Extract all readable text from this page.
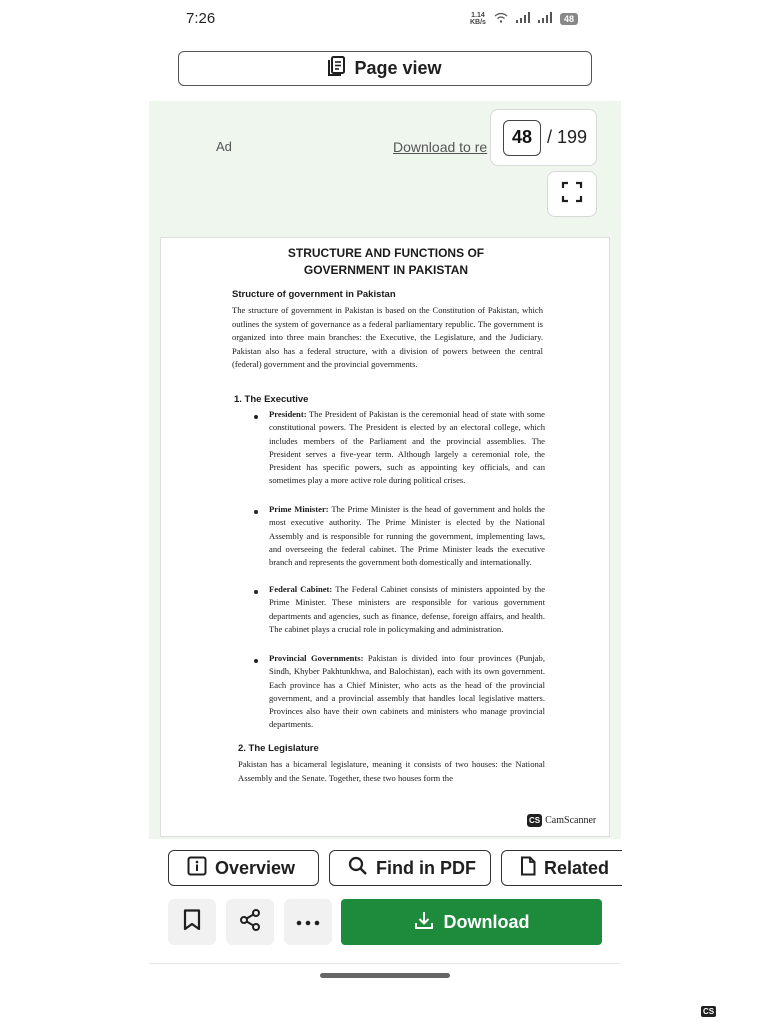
7:26	1.14
KB/s	48
Page view
Ad	Download to re
48	/ 199
STRUCTURE AND FUNCTIONS OF
GOVERNMENT IN PAKISTAN
Structure of government in Pakistan
The structure of government in Pakistan is based on the Constitution of Pakistan, which outlines the system of governance as a federal parliamentary republic. The government is organized into three main branches: the Executive, the Legislature, and the Judiciary. Pakistan also has a federal structure, with a division of powers between the central (federal) government and the provincial governments.
1. The Executive
President: The President of Pakistan is the ceremonial head of state with some constitutional powers. The President is elected by an electoral college, which includes members of the Parliament and the provincial assemblies. The President serves a five-year term. Although largely a ceremonial role, the President has specific powers, such as appointing key officials, and can sometimes play a more active role during political crises.
Prime Minister: The Prime Minister is the head of government and holds the most executive authority. The Prime Minister is elected by the National Assembly and is responsible for running the government, implementing laws, and overseeing the federal cabinet. The Prime Minister leads the executive branch and represents the government both domestically and internationally.
Federal Cabinet: The Federal Cabinet consists of ministers appointed by the Prime Minister. These ministers are responsible for various government departments and agencies, such as finance, defense, foreign affairs, and health. The cabinet plays a crucial role in policymaking and administration.
Provincial Governments: Pakistan is divided into four provinces (Punjab, Sindh, Khyber Pakhtunkhwa, and Balochistan), each with its own government. Each province has a Chief Minister, who acts as the head of the provincial government, and a provincial assembly that handles local legislative matters. Provinces also have their own cabinets and ministers who manage provincial departments.
2. The Legislature
Pakistan has a bicameral legislature, meaning it consists of two houses: the National Assembly and the Senate. Together, these two houses form the
CS CamScanner
Overview	Find in PDF	Related
Download
CS
